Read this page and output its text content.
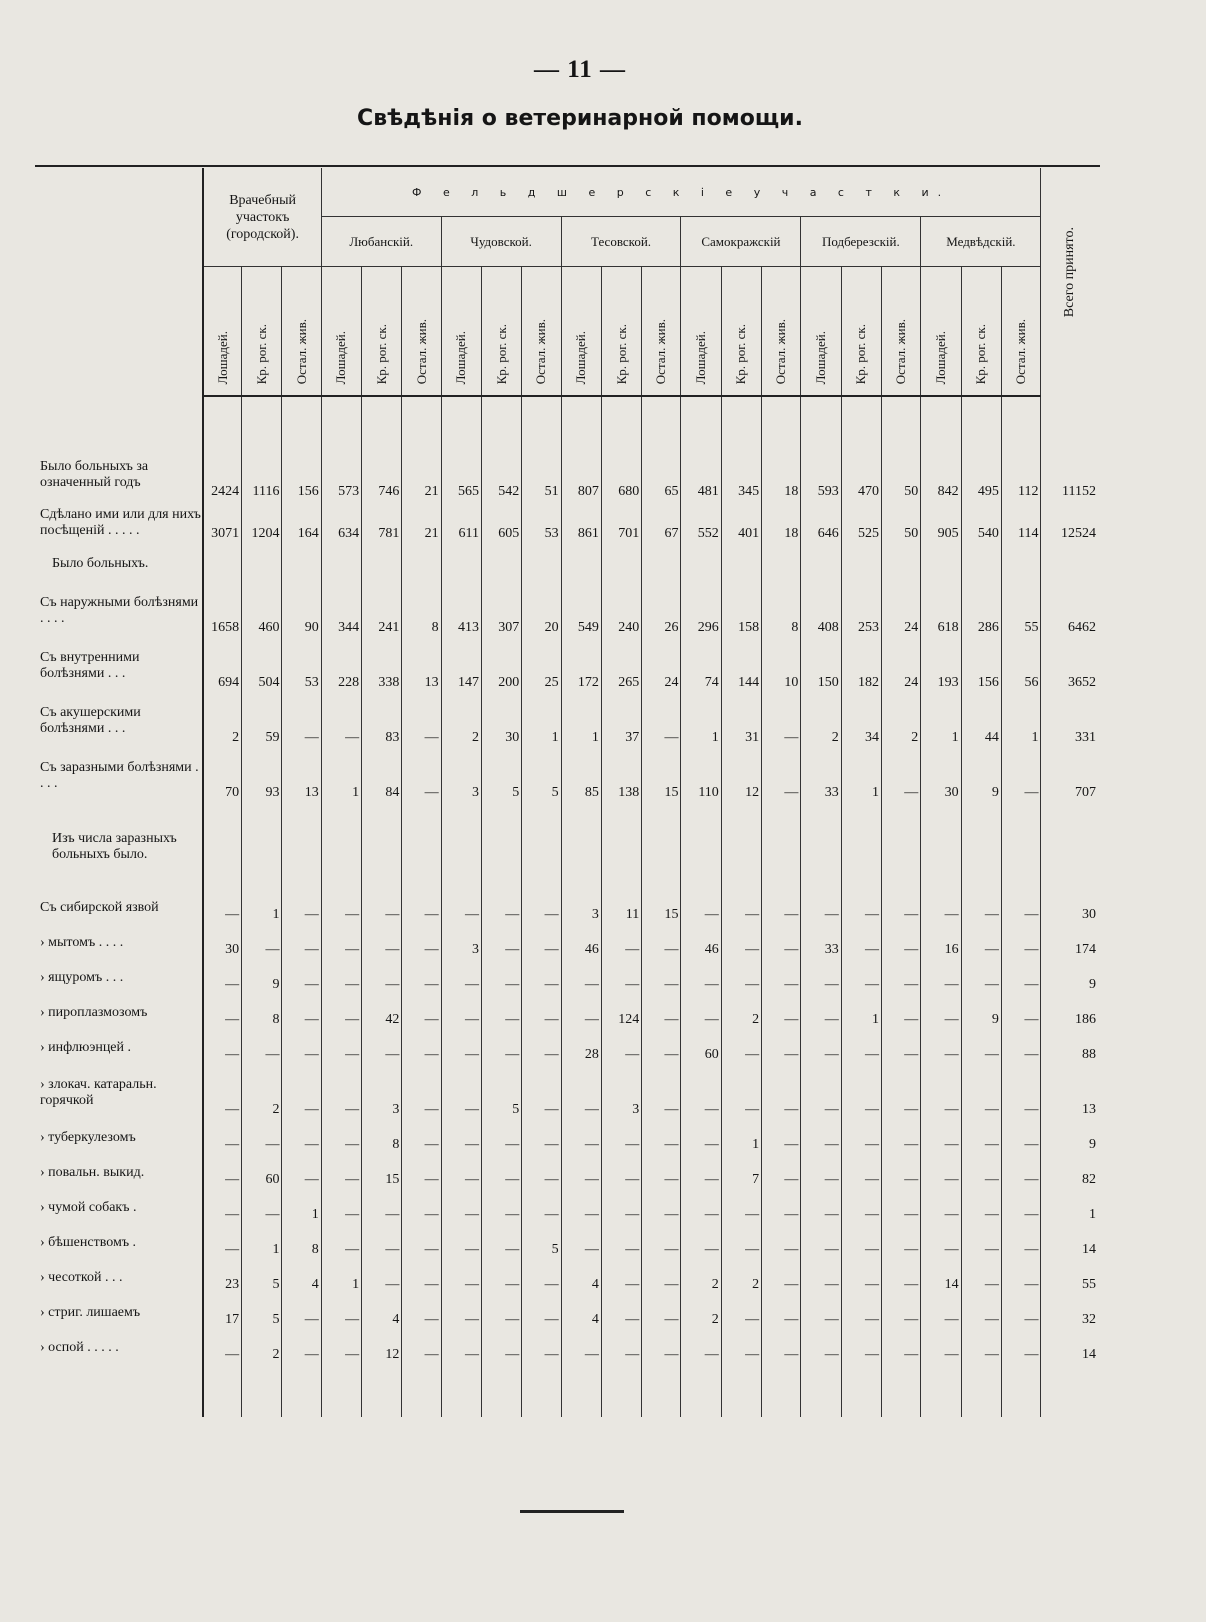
— 11 —
Свѣдѣнія о ветеринарной помощи.
	Врачебный участокъ (городской).			Ф е л ь д ш е р с к і е у ч а с т к и.																		Всего принято.
				Любанскій.			Чудовской.			Тесовской.			Самокражскій			Подберезскій.			Медвѣдскій.			
	Лошадей.	Кр. рог. ск.	Остал. жив.	Лошадей.	Кр. рог. ск.	Остал. жив.	Лошадей.	Кр. рог. ск.	Остал. жив.	Лошадей.	Кр. рог. ск.	Остал. жив.	Лошадей.	Кр. рог. ск.	Остал. жив.	Лошадей.	Кр. рог. ск.	Остал. жив.	Лошадей.	Кр. рог. ск.	Остал. жив.	

Было больныхъ за означенный годъ	2424	1116	156	573	746	21	565	542	51	807	680	65	481	345	18	593	470	50	842	495	112	11152
Сдѣлано ими или для нихъ посѣщеній . . . . .	3071	1204	164	634	781	21	611	605	53	861	701	67	552	401	18	646	525	50	905	540	114	12524
Было больныхъ.																						
Съ наружными болѣзнями . . . .	1658	460	90	344	241	8	413	307	20	549	240	26	296	158	8	408	253	24	618	286	55	6462
Съ внутренними болѣзнями . . .	694	504	53	228	338	13	147	200	25	172	265	24	74	144	10	150	182	24	193	156	56	3652
Съ акушерскими болѣзнями . . .	2	59	—	—	83	—	2	30	1	1	37	—	1	31	—	2	34	2	1	44	1	331
Съ заразными болѣзнями . . . .	70	93	13	1	84	—	3	5	5	85	138	15	110	12	—	33	1	—	30	9	—	707
Изъ числа заразныхъ больныхъ было.																						
Съ сибирской язвой	—	1	—	—	—	—	—	—	—	3	11	15	—	—	—	—	—	—	—	—	—	30
› мытомъ . . . .	30	—	—	—	—	—	3	—	—	46	—	—	46	—	—	33	—	—	16	—	—	174
› ящуромъ . . .	—	9	—	—	—	—	—	—	—	—	—	—	—	—	—	—	—	—	—	—	—	9
› пироплазмозомъ	—	8	—	—	42	—	—	—	—	—	124	—	—	2	—	—	1	—	—	9	—	186
› инфлюэнцей .	—	—	—	—	—	—	—	—	—	28	—	—	60	—	—	—	—	—	—	—	—	88
› злокач. катаральн. горячкой	—	2	—	—	3	—	—	5	—	—	3	—	—	—	—	—	—	—	—	—	—	13
› туберкулезомъ	—	—	—	—	8	—	—	—	—	—	—	—	—	1	—	—	—	—	—	—	—	9
› повальн. выкид.	—	60	—	—	15	—	—	—	—	—	—	—	—	7	—	—	—	—	—	—	—	82
› чумой собакъ .	—	—	1	—	—	—	—	—	—	—	—	—	—	—	—	—	—	—	—	—	—	1
› бѣшенствомъ .	—	1	8	—	—	—	—	—	5	—	—	—	—	—	—	—	—	—	—	—	—	14
› чесоткой . . .	23	5	4	1	—	—	—	—	—	4	—	—	2	2	—	—	—	—	14	—	—	55
› стриг. лишаемъ	17	5	—	—	4	—	—	—	—	4	—	—	2	—	—	—	—	—	—	—	—	32
› оспой . . . . .	—	2	—	—	12	—	—	—	—	—	—	—	—	—	—	—	—	—	—	—	—	14
